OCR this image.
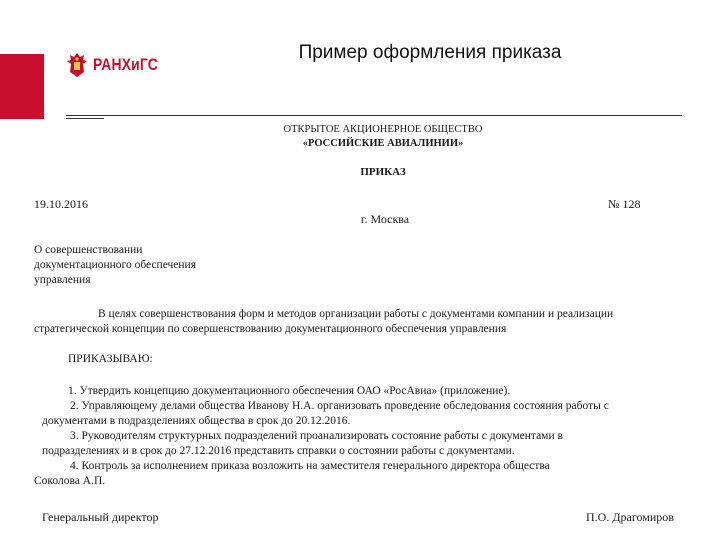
РАНХиГС
Пример оформления приказа
ОТКРЫТОЕ АКЦИОНЕРНОЕ ОБЩЕСТВО
«РОССИЙСКИЕ АВИАЛИНИИ»
ПРИКАЗ
19.10.2016	№ 128
г. Москва
О совершенствовании
документационного обеспечения
управления
В целях совершенствования форм и методов организации работы с документами компании и реализации
стратегической концепции по совершенствованию документационного обеспечения управления
ПРИКАЗЫВАЮ:

1. Утвердить концепцию документационного обеспечения ОАО «РосАвиа» (приложение).

2. Управляющему делами общества Иванову Н.А. организовать проведение обследования состояния работы с

документами в подразделениях общества в срок до 20.12.2016.

3. Руководителям структурных подразделений проанализировать состояние работы с документами в

подразделениях и в срок до 27.12.2016 представить справки о состоянии работы с документами.

4. Контроль за исполнением приказа возложить на заместителя генерального директора общества

Соколова А.П.

Генеральный директор	П.О. Драгомиров
